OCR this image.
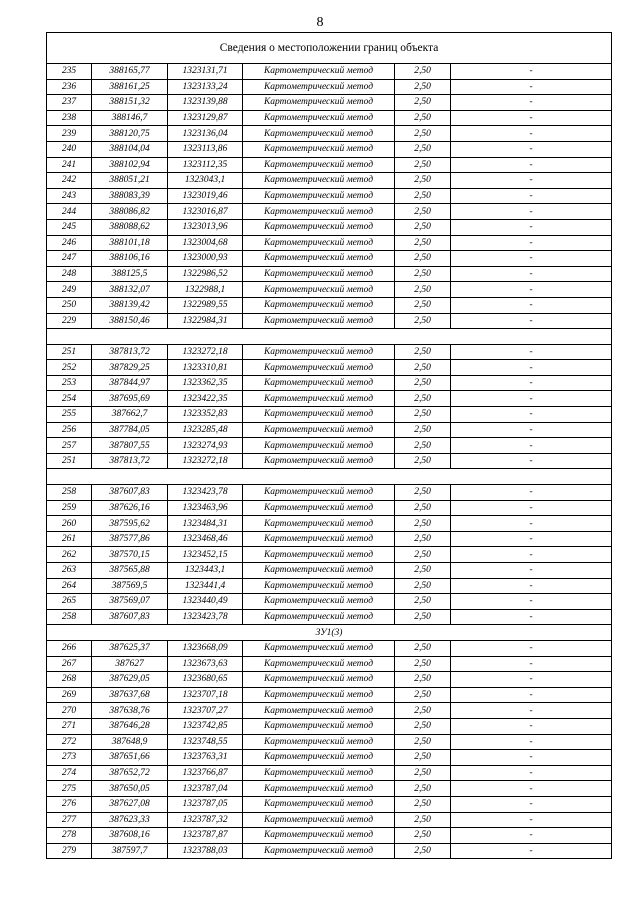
8
Сведения о местоположении границ объекта					
235	388165,77	1323131,71	Картометрический метод	2,50	-
236	388161,25	1323133,24	Картометрический метод	2,50	-
237	388151,32	1323139,88	Картометрический метод	2,50	-
238	388146,7	1323129,87	Картометрический метод	2,50	-
239	388120,75	1323136,04	Картометрический метод	2,50	-
240	388104,04	1323113,86	Картометрический метод	2,50	-
241	388102,94	1323112,35	Картометрический метод	2,50	-
242	388051,21	1323043,1	Картометрический метод	2,50	-
243	388083,39	1323019,46	Картометрический метод	2,50	-
244	388086,82	1323016,87	Картометрический метод	2,50	-
245	388088,62	1323013,96	Картометрический метод	2,50	-
246	388101,18	1323004,68	Картометрический метод	2,50	-
247	388106,16	1323000,93	Картометрический метод	2,50	-
248	388125,5	1322986,52	Картометрический метод	2,50	-
249	388132,07	1322988,1	Картометрический метод	2,50	-
250	388139,42	1322989,55	Картометрический метод	2,50	-
229	388150,46	1322984,31	Картометрический метод	2,50	-

251	387813,72	1323272,18	Картометрический метод	2,50	-
252	387829,25	1323310,81	Картометрический метод	2,50	-
253	387844,97	1323362,35	Картометрический метод	2,50	-
254	387695,69	1323422,35	Картометрический метод	2,50	-
255	387662,7	1323352,83	Картометрический метод	2,50	-
256	387784,05	1323285,48	Картометрический метод	2,50	-
257	387807,55	1323274,93	Картометрический метод	2,50	-
251	387813,72	1323272,18	Картометрический метод	2,50	-

258	387607,83	1323423,78	Картометрический метод	2,50	-
259	387626,16	1323463,96	Картометрический метод	2,50	-
260	387595,62	1323484,31	Картометрический метод	2,50	-
261	387577,86	1323468,46	Картометрический метод	2,50	-
262	387570,15	1323452,15	Картометрический метод	2,50	-
263	387565,88	1323443,1	Картометрический метод	2,50	-
264	387569,5	1323441,4	Картометрический метод	2,50	-
265	387569,07	1323440,49	Картометрический метод	2,50	-
258	387607,83	1323423,78	Картометрический метод	2,50	-
ЗУ1(3)					
266	387625,37	1323668,09	Картометрический метод	2,50	-
267	387627	1323673,63	Картометрический метод	2,50	-
268	387629,05	1323680,65	Картометрический метод	2,50	-
269	387637,68	1323707,18	Картометрический метод	2,50	-
270	387638,76	1323707,27	Картометрический метод	2,50	-
271	387646,28	1323742,85	Картометрический метод	2,50	-
272	387648,9	1323748,55	Картометрический метод	2,50	-
273	387651,66	1323763,31	Картометрический метод	2,50	-
274	387652,72	1323766,87	Картометрический метод	2,50	-
275	387650,05	1323787,04	Картометрический метод	2,50	-
276	387627,08	1323787,05	Картометрический метод	2,50	-
277	387623,33	1323787,32	Картометрический метод	2,50	-
278	387608,16	1323787,87	Картометрический метод	2,50	-
279	387597,7	1323788,03	Картометрический метод	2,50	-
